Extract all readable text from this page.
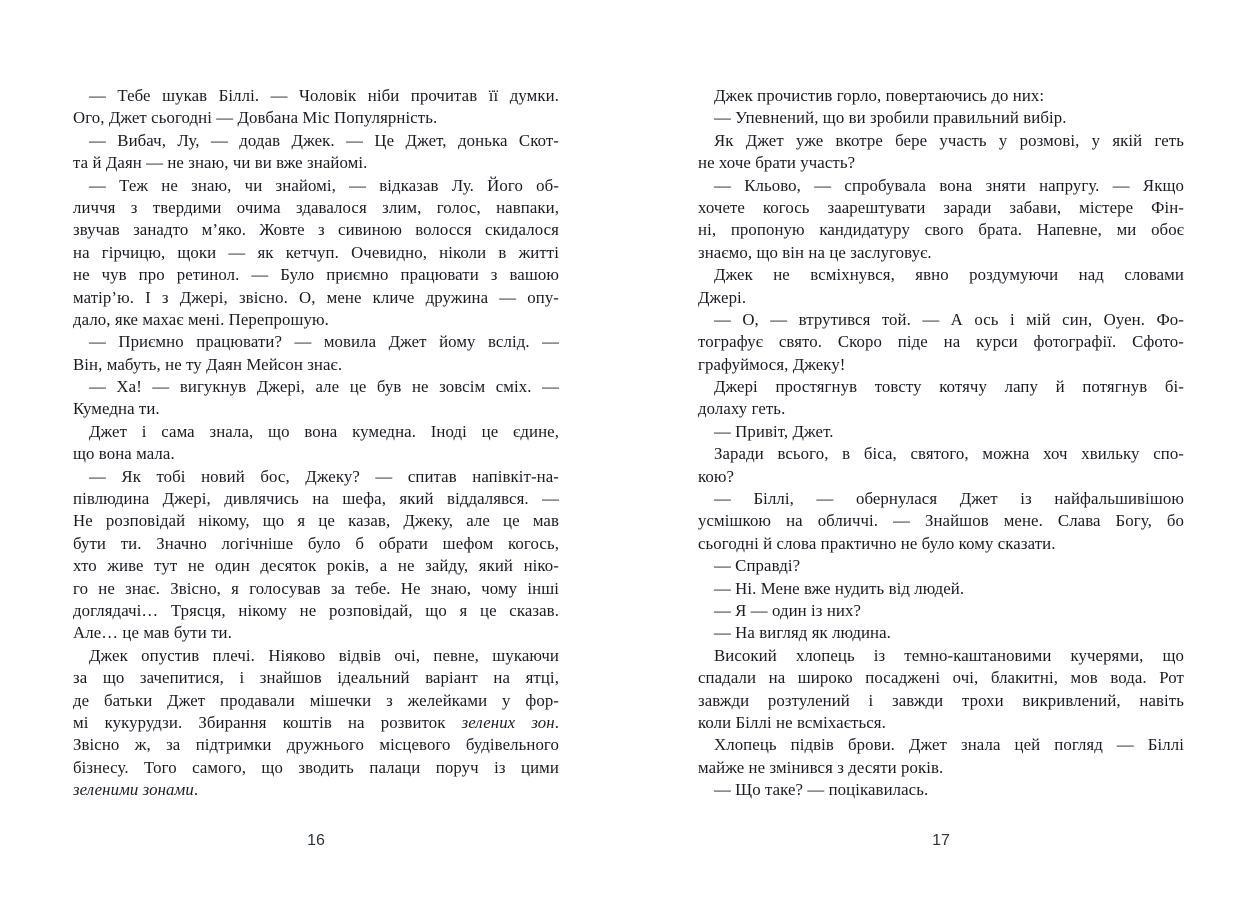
— Тебе шукав Біллі. — Чоловік ніби прочитав її думки.
Ого, Джет сьогодні — Довбана Міс Популярність.
— Вибач, Лу, — додав Джек. — Це Джет, донька Скот-
та й Даян — не знаю, чи ви вже знайомі.
— Теж не знаю, чи знайомі, — відказав Лу. Його об-
личчя з твердими очима здавалося злим, голос, навпаки,
звучав занадто м’яко. Жовте з сивиною волосся скидалося
на гірчицю, щоки — як кетчуп. Очевидно, ніколи в житті
не чув про ретинол. — Було приємно працювати з вашою
матір’ю. І з Джері, звісно. О, мене кличе дружина — опу-
дало, яке махає мені. Перепрошую.
— Приємно працювати? — мовила Джет йому вслід. —
Він, мабуть, не ту Даян Мейсон знає.
— Ха! — вигукнув Джері, але це був не зовсім сміх. —
Кумедна ти.
Джет і сама знала, що вона кумедна. Іноді це єдине,
що вона мала.
— Як тобі новий бос, Джеку? — спитав напівкіт-на-
півлюдина Джері, дивлячись на шефа, який віддалявся. —
Не розповідай нікому, що я це казав, Джеку, але це мав
бути ти. Значно логічніше було б обрати шефом когось,
хто живе тут не один десяток років, а не зайду, який ніко-
го не знає. Звісно, я голосував за тебе. Не знаю, чому інші
доглядачі… Трясця, нікому не розповідай, що я це сказав.
Але… це мав бути ти.
Джек опустив плечі. Ніяково відвів очі, певне, шукаючи
за що зачепитися, і знайшов ідеальний варіант на ятці,
де батьки Джет продавали мішечки з желейками у фор-
мі кукурудзи. Збирання коштів на розвиток зелених зон.
Звісно ж, за підтримки дружнього місцевого будівельного
бізнесу. Того самого, що зводить палаци поруч із цими
зеленими зонами.
16
Джек прочистив горло, повертаючись до них:
— Упевнений, що ви зробили правильний вибір.
Як Джет уже вкотре бере участь у розмові, у якій геть
не хоче брати участь?
— Кльово, — спробувала вона зняти напругу. — Якщо
хочете когось заарештувати заради забави, містере Фін-
ні, пропоную кандидатуру свого брата. Напевне, ми обоє
знаємо, що він на це заслуговує.
Джек не всміхнувся, явно роздумуючи над словами
Джері.
— О, — втрутився той. — А ось і мій син, Оуен. Фо-
тографує свято. Скоро піде на курси фотографії. Сфото-
графуймося, Джеку!
Джері простягнув товсту котячу лапу й потягнув бі-
долаху геть.
— Привіт, Джет.
Заради всього, в біса, святого, можна хоч хвильку спо-
кою?
— Біллі, — обернулася Джет із найфальшивішою
усмішкою на обличчі. — Знайшов мене. Слава Богу, бо
сьогодні й слова практично не було кому сказати.
— Справді?
— Ні. Мене вже нудить від людей.
— Я — один із них?
— На вигляд як людина.
Високий хлопець із темно-каштановими кучерями, що
спадали на широко посаджені очі, блакитні, мов вода. Рот
завжди розтулений і завжди трохи викривлений, навіть
коли Біллі не всміхається.
Хлопець підвів брови. Джет знала цей погляд — Біллі
майже не змінився з десяти років.
— Що таке? — поцікавилась.
17
